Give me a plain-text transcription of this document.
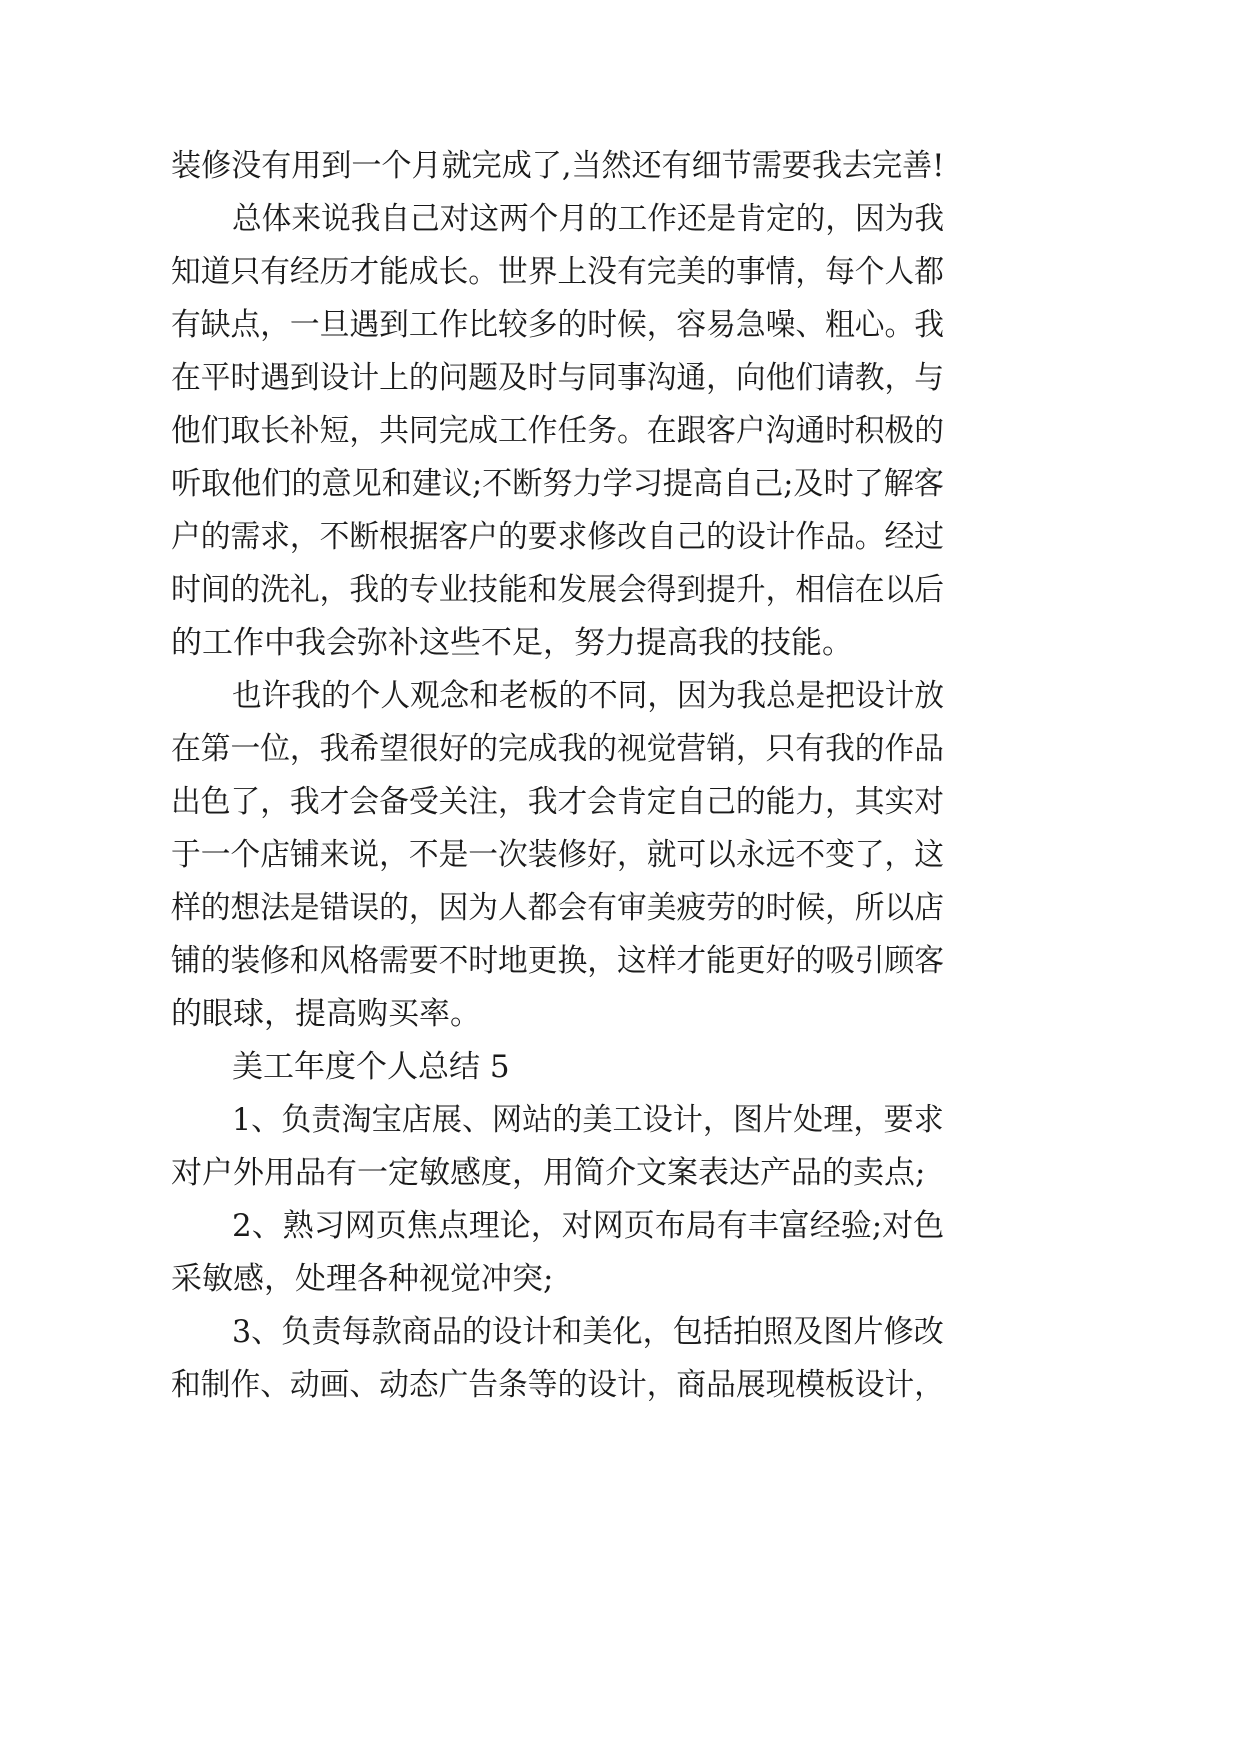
装修没有用到一个月就完成了,当然还有细节需要我去完善!
总体来说我自己对这两个月的工作还是肯定的，因为我
知道只有经历才能成长。世界上没有完美的事情，每个人都
有缺点，一旦遇到工作比较多的时候，容易急噪、粗心。我
在平时遇到设计上的问题及时与同事沟通，向他们请教，与
他们取长补短，共同完成工作任务。在跟客户沟通时积极的
听取他们的意见和建议;不断努力学习提高自己;及时了解客
户的需求，不断根据客户的要求修改自己的设计作品。经过
时间的洗礼，我的专业技能和发展会得到提升，相信在以后
的工作中我会弥补这些不足，努力提高我的技能。
也许我的个人观念和老板的不同，因为我总是把设计放
在第一位，我希望很好的完成我的视觉营销，只有我的作品
出色了，我才会备受关注，我才会肯定自己的能力，其实对
于一个店铺来说，不是一次装修好，就可以永远不变了，这
样的想法是错误的，因为人都会有审美疲劳的时候，所以店
铺的装修和风格需要不时地更换，这样才能更好的吸引顾客
的眼球，提高购买率。
美工年度个人总结 5
1、负责淘宝店展、网站的美工设计，图片处理，要求
对户外用品有一定敏感度，用简介文案表达产品的卖点;
2、熟习网页焦点理论，对网页布局有丰富经验;对色
采敏感，处理各种视觉冲突;
3、负责每款商品的设计和美化，包括拍照及图片修改
和制作、动画、动态广告条等的设计，商品展现模板设计，
